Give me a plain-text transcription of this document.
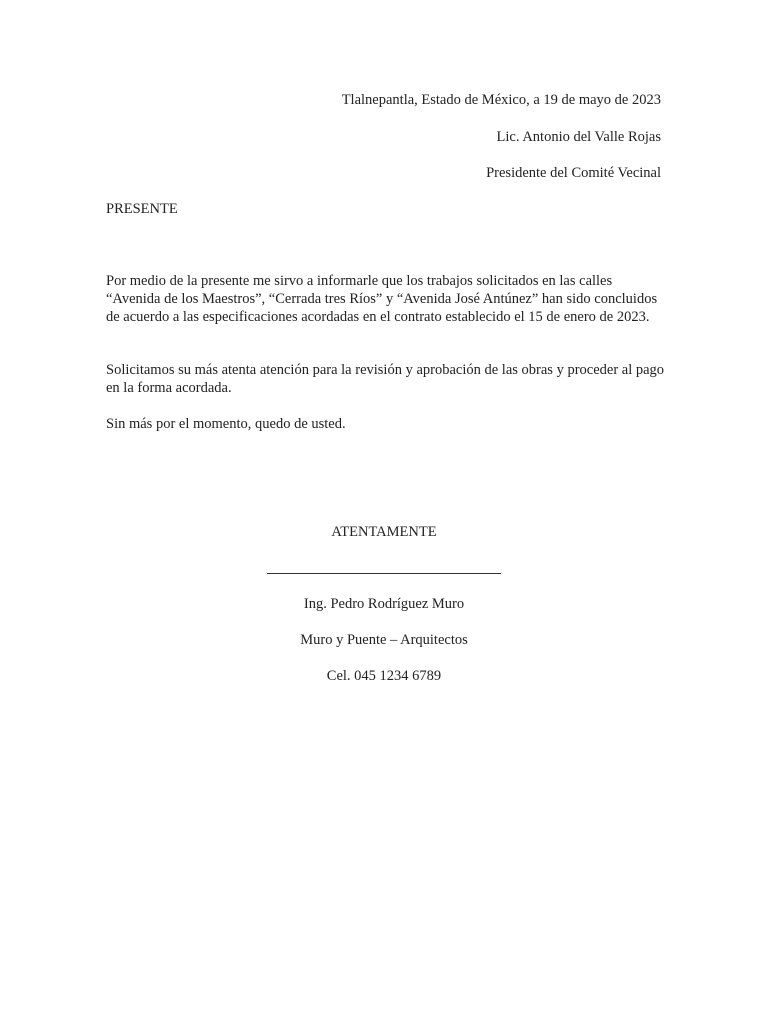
Tlalnepantla, Estado de México, a 19 de mayo de 2023
Lic. Antonio del Valle Rojas
Presidente del Comité Vecinal
PRESENTE
Por medio de la presente me sirvo a informarle que los trabajos solicitados en las calles “Avenida de los Maestros”, “Cerrada tres Ríos” y “Avenida José Antúnez” han sido concluidos de acuerdo a las especificaciones acordadas en el contrato establecido el 15 de enero de 2023.
Solicitamos su más atenta atención para la revisión y aprobación de las obras y proceder al pago en la forma acordada.
Sin más por el momento, quedo de usted.
ATENTAMENTE
Ing. Pedro Rodríguez Muro
Muro y Puente – Arquitectos
Cel. 045 1234 6789
